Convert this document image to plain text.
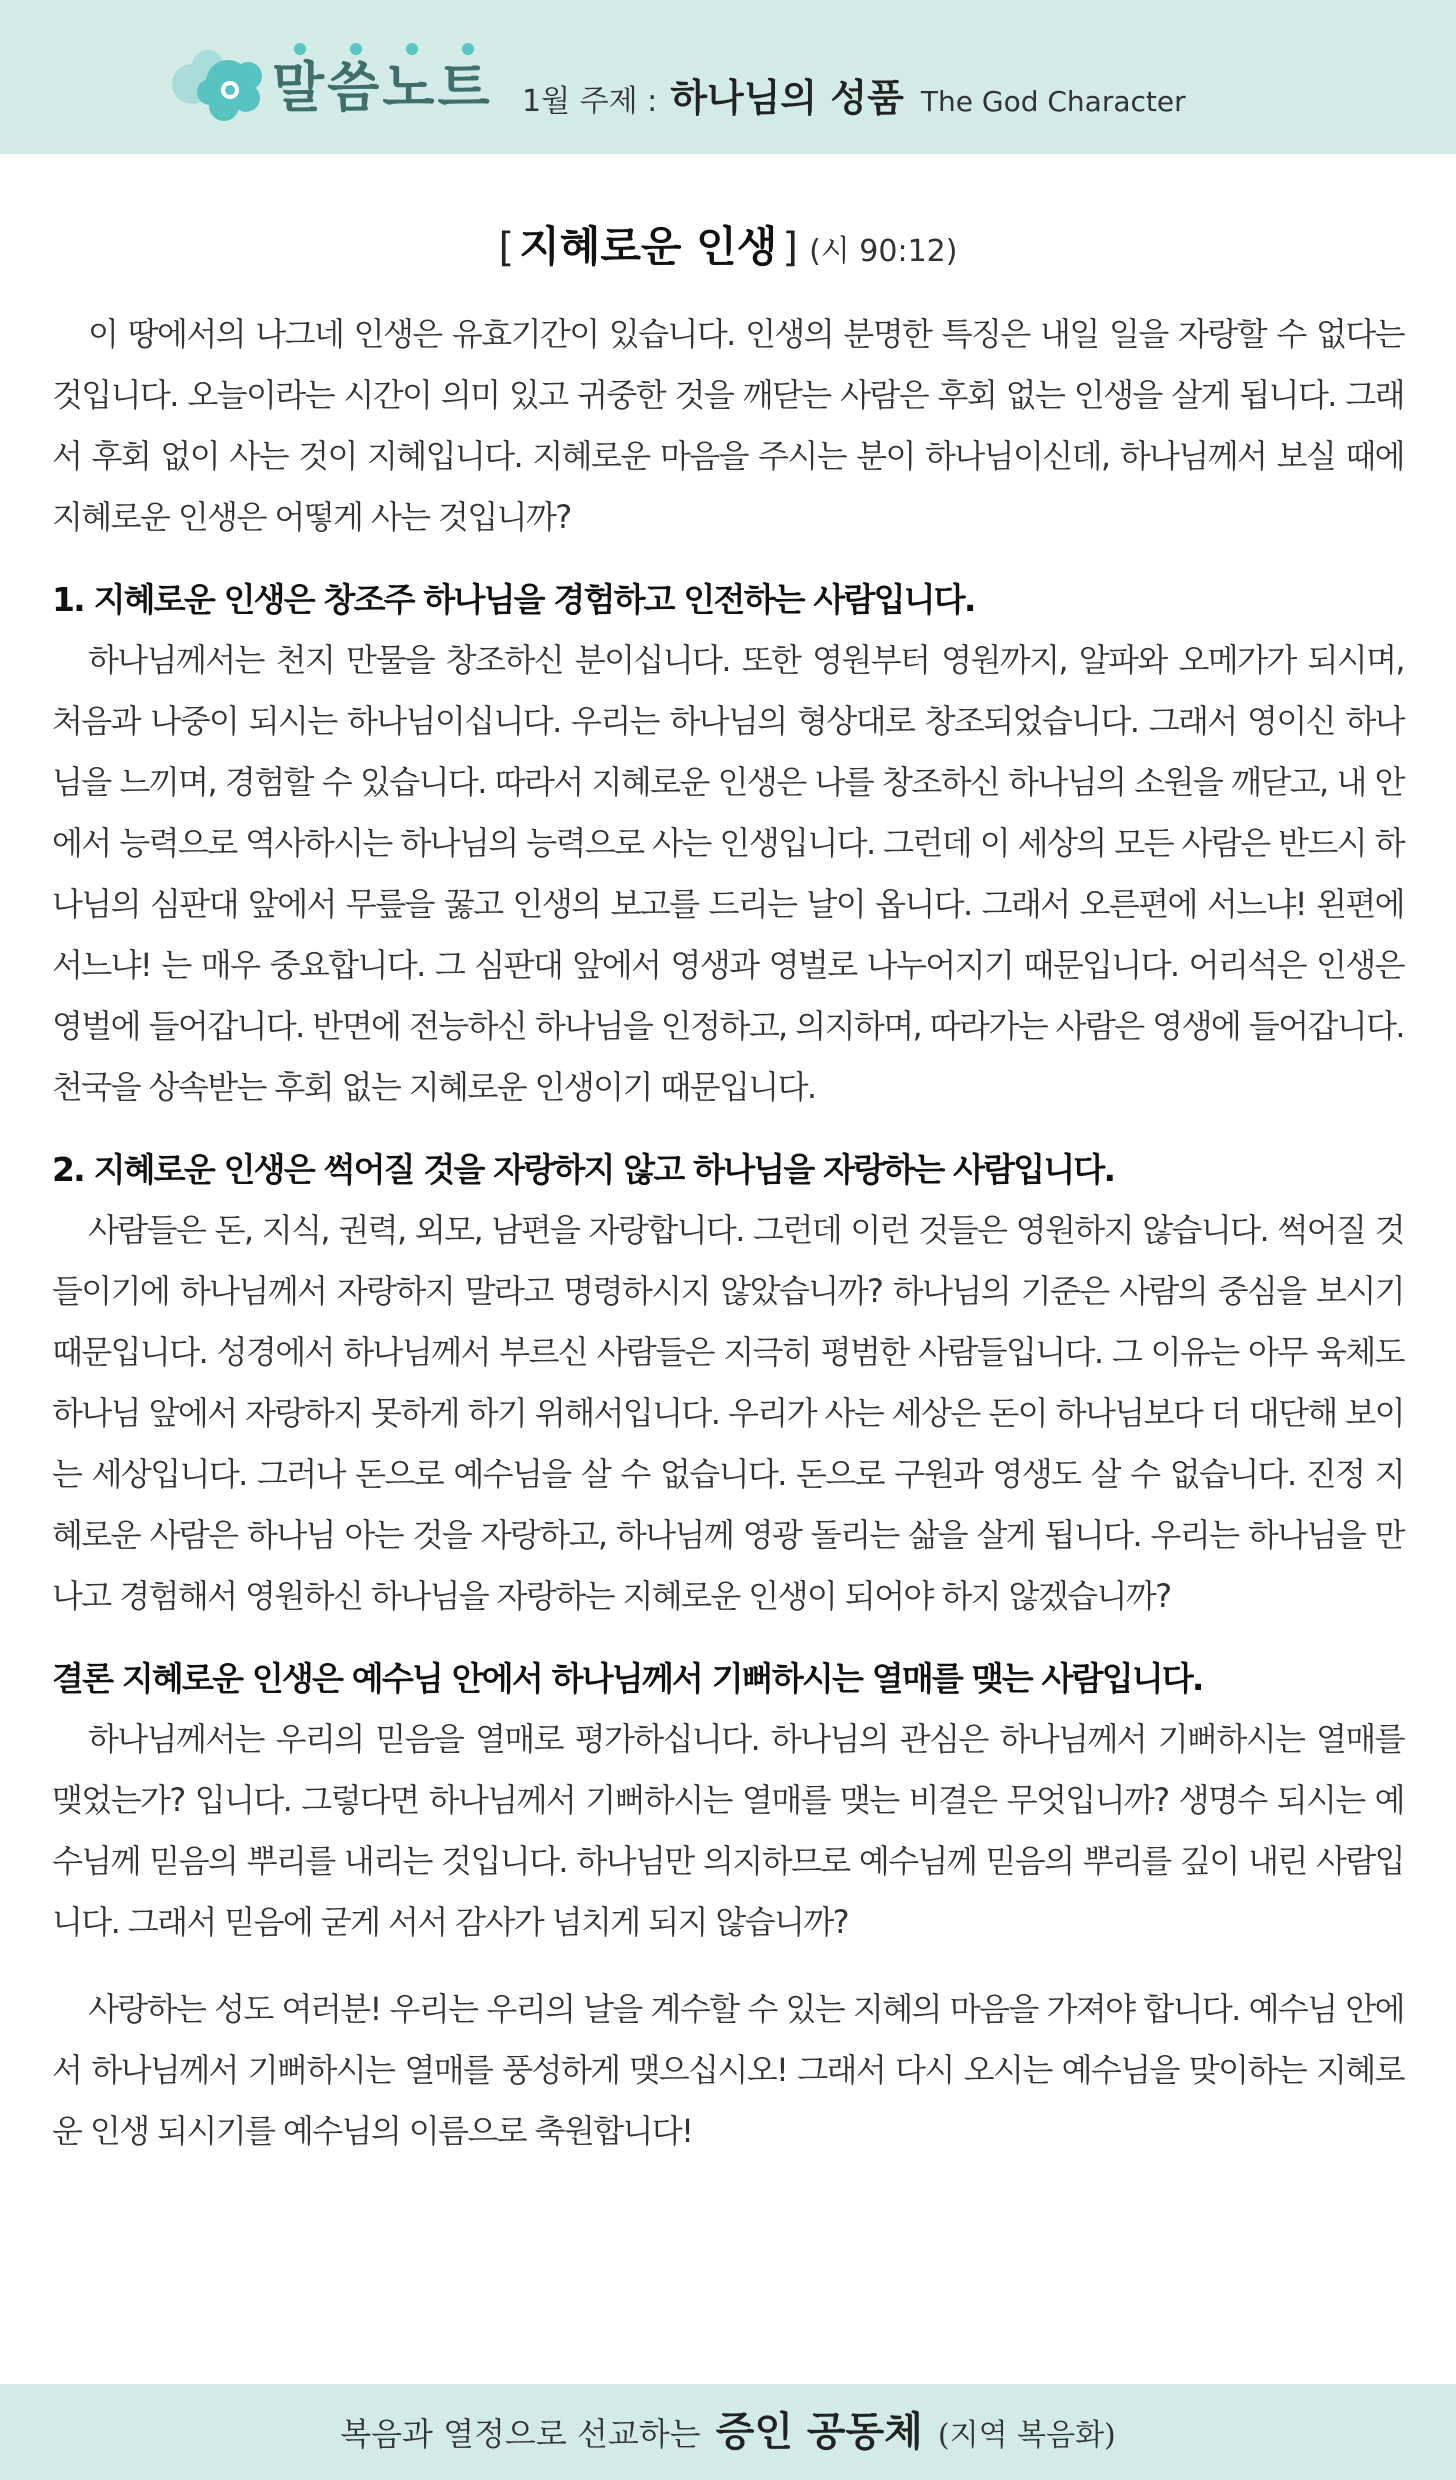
말씀노트 1월 주제 : 하나님의 성품 The God Character
[ 지혜로운 인생 ] (시 90:12)

이 땅에서의 나그네 인생은 유효기간이 있습니다. 인생의 분명한 특징은 내일 일을 자랑할 수 없다는 것입니다. 오늘이라는 시간이 의미 있고 귀중한 것을 깨닫는 사람은 후회 없는 인생을 살게 됩니다. 그래서 후회 없이 사는 것이 지혜입니다. 지혜로운 마음을 주시는 분이 하나님이신데, 하나님께서 보실 때에 지혜로운 인생은 어떻게 사는 것입니까?

1. 지혜로운 인생은 창조주 하나님을 경험하고 인전하는 사람입니다.

하나님께서는 천지 만물을 창조하신 분이십니다. 또한 영원부터 영원까지, 알파와 오메가가 되시며, 처음과 나중이 되시는 하나님이십니다. 우리는 하나님의 형상대로 창조되었습니다. 그래서 영이신 하나님을 느끼며, 경험할 수 있습니다. 따라서 지혜로운 인생은 나를 창조하신 하나님의 소원을 깨닫고, 내 안에서 능력으로 역사하시는 하나님의 능력으로 사는 인생입니다. 그런데 이 세상의 모든 사람은 반드시 하나님의 심판대 앞에서 무릎을 꿇고 인생의 보고를 드리는 날이 옵니다. 그래서 오른편에 서느냐! 왼편에 서느냐! 는 매우 중요합니다. 그 심판대 앞에서 영생과 영벌로 나누어지기 때문입니다. 어리석은 인생은 영벌에 들어갑니다. 반면에 전능하신 하나님을 인정하고, 의지하며, 따라가는 사람은 영생에 들어갑니다. 천국을 상속받는 후회 없는 지혜로운 인생이기 때문입니다.

2. 지혜로운 인생은 썩어질 것을 자랑하지 않고 하나님을 자랑하는 사람입니다.

사람들은 돈, 지식, 권력, 외모, 남편을 자랑합니다. 그런데 이런 것들은 영원하지 않습니다. 썩어질 것들이기에 하나님께서 자랑하지 말라고 명령하시지 않았습니까? 하나님의 기준은 사람의 중심을 보시기 때문입니다. 성경에서 하나님께서 부르신 사람들은 지극히 평범한 사람들입니다. 그 이유는 아무 육체도 하나님 앞에서 자랑하지 못하게 하기 위해서입니다. 우리가 사는 세상은 돈이 하나님보다 더 대단해 보이는 세상입니다. 그러나 돈으로 예수님을 살 수 없습니다. 돈으로 구원과 영생도 살 수 없습니다. 진정 지혜로운 사람은 하나님 아는 것을 자랑하고, 하나님께 영광 돌리는 삶을 살게 됩니다. 우리는 하나님을 만나고 경험해서 영원하신 하나님을 자랑하는 지혜로운 인생이 되어야 하지 않겠습니까?

결론 지혜로운 인생은 예수님 안에서 하나님께서 기뻐하시는 열매를 맺는 사람입니다.

하나님께서는 우리의 믿음을 열매로 평가하십니다. 하나님의 관심은 하나님께서 기뻐하시는 열매를 맺었는가? 입니다. 그렇다면 하나님께서 기뻐하시는 열매를 맺는 비결은 무엇입니까? 생명수 되시는 예수님께 믿음의 뿌리를 내리는 것입니다. 하나님만 의지하므로 예수님께 믿음의 뿌리를 깊이 내린 사람입니다. 그래서 믿음에 굳게 서서 감사가 넘치게 되지 않습니까?

사랑하는 성도 여러분! 우리는 우리의 날을 계수할 수 있는 지혜의 마음을 가져야 합니다. 예수님 안에서 하나님께서 기뻐하시는 열매를 풍성하게 맺으십시오! 그래서 다시 오시는 예수님을 맞이하는 지혜로운 인생 되시기를 예수님의 이름으로 축원합니다!

복음과 열정으로 선교하는 증인 공동체 (지역 복음화)
